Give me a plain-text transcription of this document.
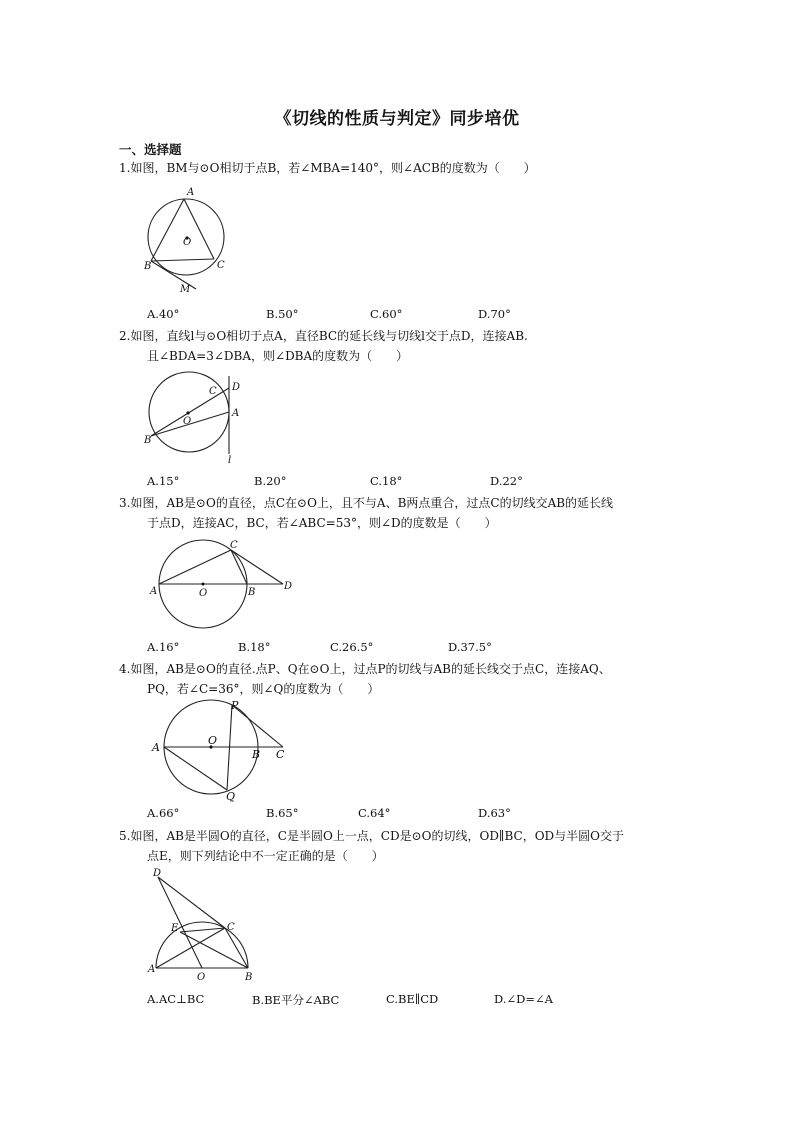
《切线的性质与判定》同步培优
一、选择题
1.如图，BM与⊙O相切于点B，若∠MBA=140°，则∠ACB的度数为（　　）
A
O
B	C
M
A.40°	B.50°	C.60°	D.70°
2.如图，直线l与⊙O相切于点A，直径BC的延长线与切线l交于点D，连接AB.
且∠BDA=3∠DBA，则∠DBA的度数为（　　）
C D
A
O
B
l
A.15°	B.20°	C.18°	D.22°
3.如图，AB是⊙O的直径，点C在⊙O上，且不与A、B两点重合，过点C的切线交AB的延长线
于点D，连接AC，BC，若∠ABC=53°，则∠D的度数是（　　）
C
A	O	B
D
A.16°	B.18°	C.26.5°	D.37.5°
4.如图，AB是⊙O的直径.点P、Q在⊙O上，过点P的切线与AB的延长线交于点C，连接AQ、
PQ，若∠C=36°，则∠Q的度数为（　　）
P
O
A
B C
Q
A.66°	B.65°	C.64°	D.63°
5.如图，AB是半圆O的直径，C是半圆O上一点，CD是⊙O的切线，OD∥BC，OD与半圆O交于
点E，则下列结论中不一定正确的是（　　）
D
E	C
A
O	B
A.AC⊥BC	B.BE平分∠ABC	C.BE∥CD	D.∠D=∠A
